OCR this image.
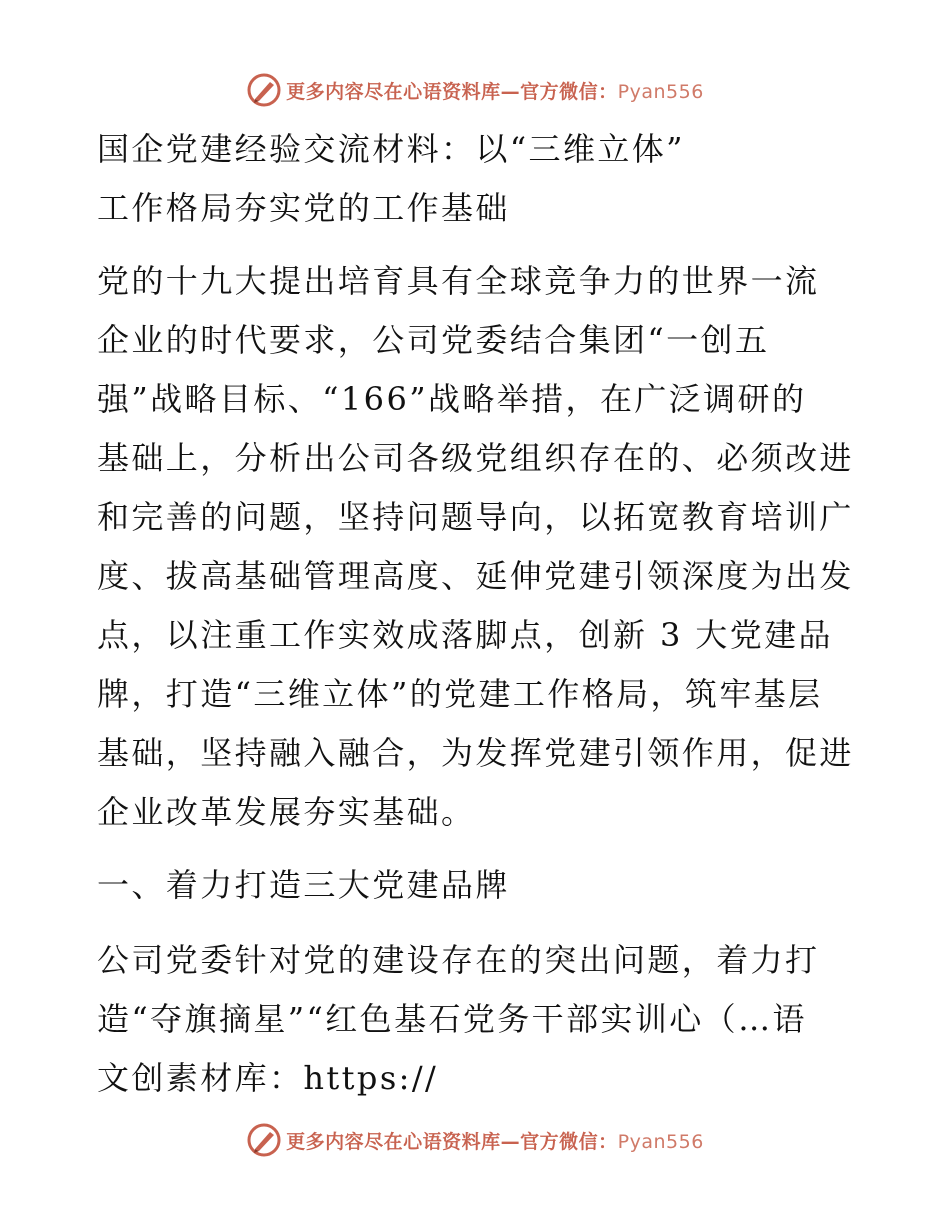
更多内容尽在心语资料库—官方微信：Pyan556

国企党建经验交流材料：以“三维立体”
工作格局夯实党的工作基础

党的十九大提出培育具有全球竞争力的世界一流
企业的时代要求，公司党委结合集团“一创五
强”战略目标、“166”战略举措，在广泛调研的
基础上，分析出公司各级党组织存在的、必须改进
和完善的问题，坚持问题导向，以拓宽教育培训广
度、拔高基础管理高度、延伸党建引领深度为出发
点，以注重工作实效成落脚点，创新 3 大党建品
牌，打造“三维立体”的党建工作格局，筑牢基层
基础，坚持融入融合，为发挥党建引领作用，促进
企业改革发展夯实基础。

一、着力打造三大党建品牌

公司党委针对党的建设存在的突出问题，着力打
造“夺旗摘星”“红色基石党务干部实训心（…语
文创素材库：https://

更多内容尽在心语资料库—官方微信：Pyan556
